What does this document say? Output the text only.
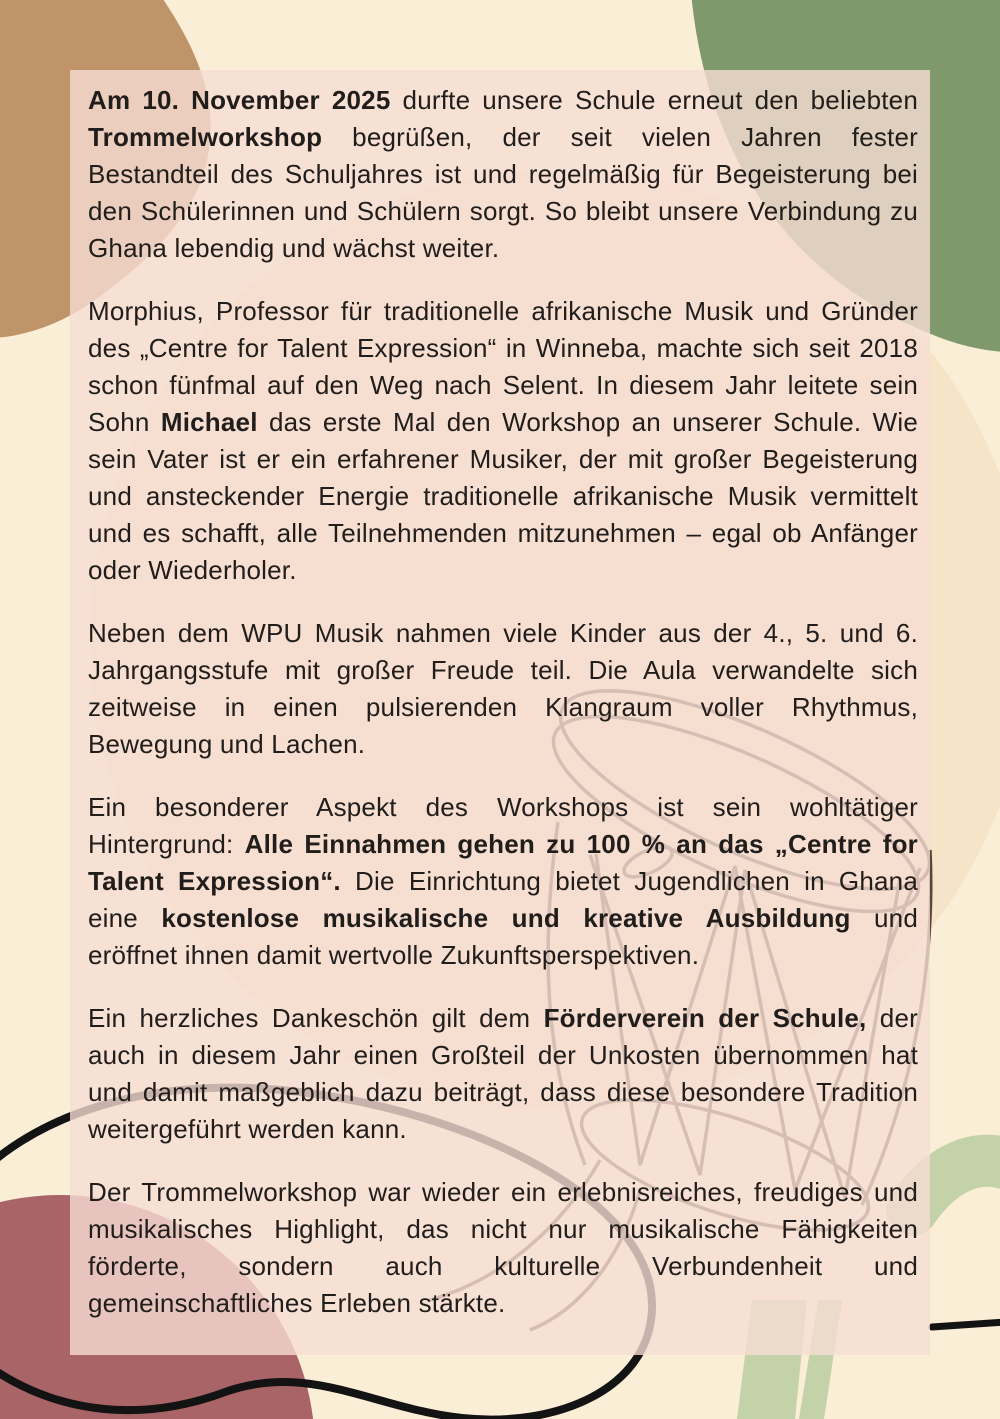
Am 10. November 2025 durfte unsere Schule erneut den beliebten Trommelworkshop begrüßen, der seit vielen Jahren fester Bestandteil des Schuljahres ist und regelmäßig für Begeisterung bei den Schülerinnen und Schülern sorgt. So bleibt unsere Verbindung zu Ghana lebendig und wächst weiter.

Morphius, Professor für traditionelle afrikanische Musik und Gründer des „Centre for Talent Expression“ in Winneba, machte sich seit 2018 schon fünfmal auf den Weg nach Selent. In diesem Jahr leitete sein Sohn Michael das erste Mal den Workshop an unserer Schule. Wie sein Vater ist er ein erfahrener Musiker, der mit großer Begeisterung und ansteckender Energie traditionelle afrikanische Musik vermittelt und es schafft, alle Teilnehmenden mitzunehmen – egal ob Anfänger oder Wiederholer.

Neben dem WPU Musik nahmen viele Kinder aus der 4., 5. und 6. Jahrgangsstufe mit großer Freude teil. Die Aula verwandelte sich zeitweise in einen pulsierenden Klangraum voller Rhythmus, Bewegung und Lachen.

Ein besonderer Aspekt des Workshops ist sein wohltätiger Hintergrund: Alle Einnahmen gehen zu 100 % an das „Centre for Talent Expression“. Die Einrichtung bietet Jugendlichen in Ghana eine kostenlose musikalische und kreative Ausbildung und eröffnet ihnen damit wertvolle Zukunftsperspektiven.

Ein herzliches Dankeschön gilt dem Förderverein der Schule, der auch in diesem Jahr einen Großteil der Unkosten übernommen hat und damit maßgeblich dazu beiträgt, dass diese besondere Tradition weitergeführt werden kann.

Der Trommelworkshop war wieder ein erlebnisreiches, freudiges und musikalisches Highlight, das nicht nur musikalische Fähigkeiten förderte, sondern auch kulturelle Verbundenheit und gemeinschaftliches Erleben stärkte.
